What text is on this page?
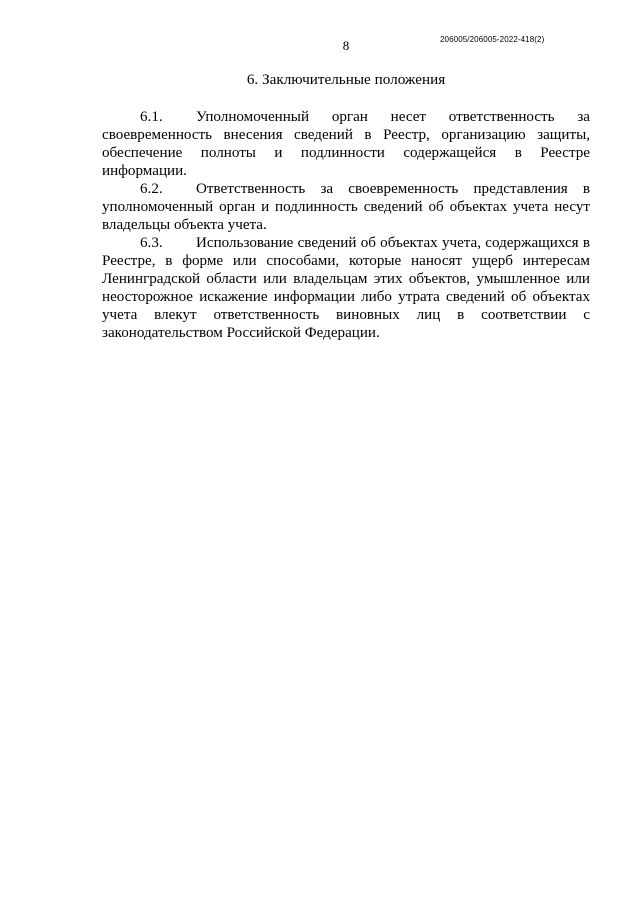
8	206005/206005-2022-418(2)
6. Заключительные положения

6.1. Уполномоченный орган несет ответственность за своевременность внесения сведений в Реестр, организацию защиты, обеспечение полноты и подлинности содержащейся в Реестре информации.

6.2. Ответственность за своевременность представления в уполномоченный орган и подлинность сведений об объектах учета несут владельцы объекта учета.

6.3. Использование сведений об объектах учета, содержащихся в Реестре, в форме или способами, которые наносят ущерб интересам Ленинградской области или владельцам этих объектов, умышленное или неосторожное искажение информации либо утрата сведений об объектах учета влекут ответственность виновных лиц в соответствии с законодательством Российской Федерации.
